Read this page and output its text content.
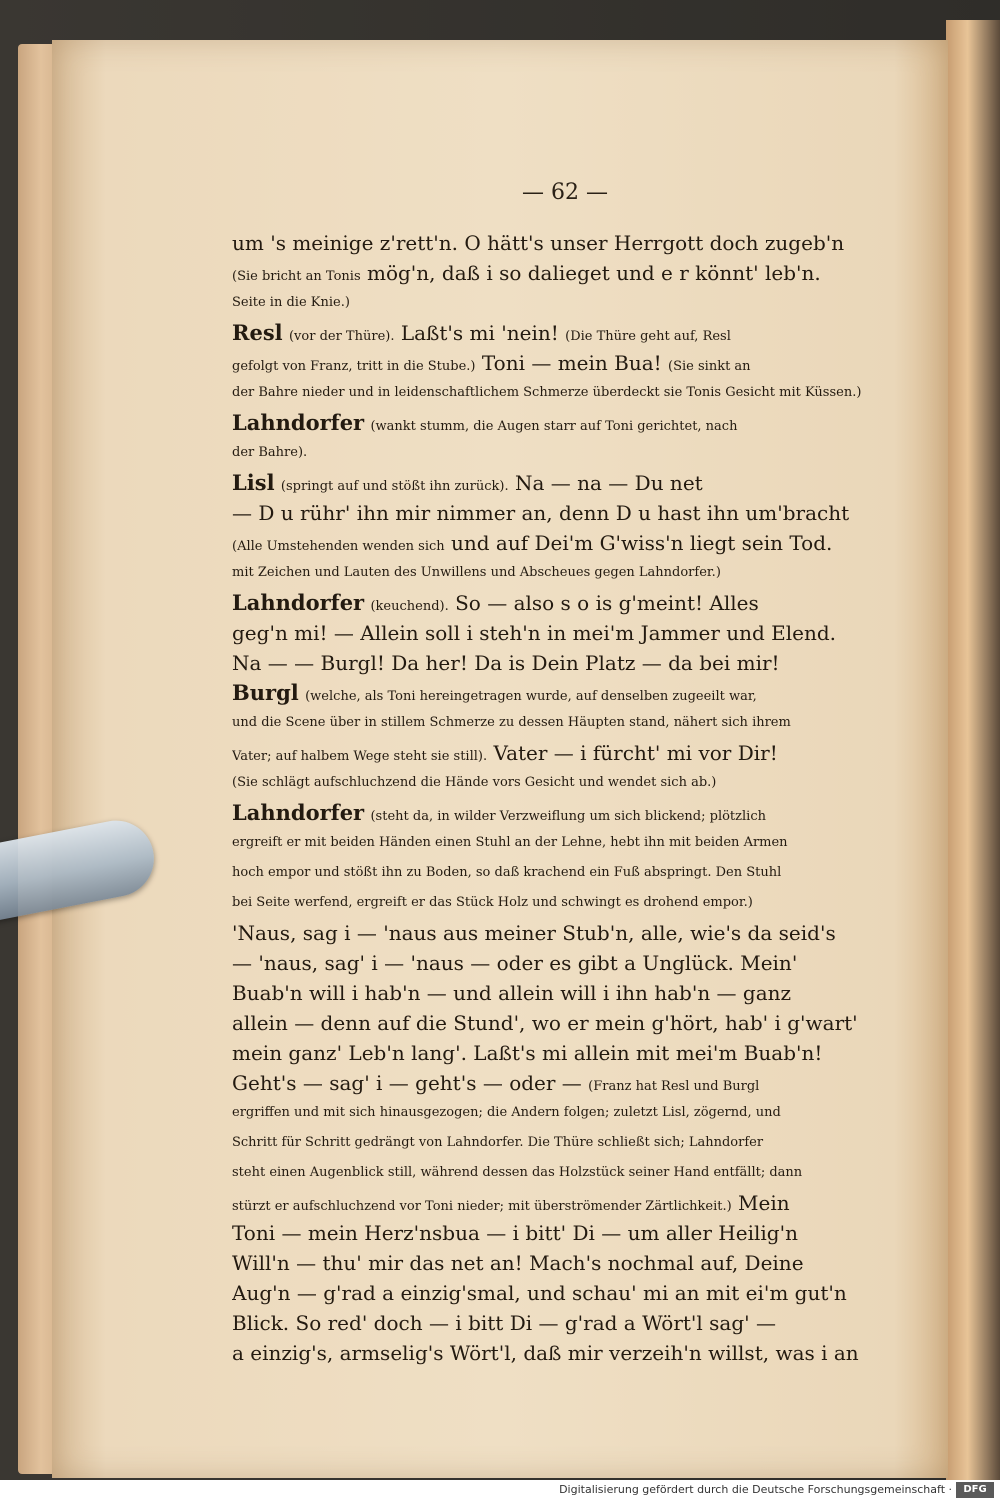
— 62 —
um 's meinige z'rett'n. O hätt's unser Herrgott doch zugeb'n
(Sie bricht an Tonis mög'n, daß i so dalieget und e r könnt' leb'n.
Seite in die Knie.)
Resl (vor der Thüre). Laßt's mi 'nein! (Die Thüre geht auf, Resl
gefolgt von Franz, tritt in die Stube.) Toni — mein Bua! (Sie sinkt an
der Bahre nieder und in leidenschaftlichem Schmerze überdeckt sie Tonis Gesicht mit Küssen.)
Lahndorfer (wankt stumm, die Augen starr auf Toni gerichtet, nach
der Bahre).
Lisl (springt auf und stößt ihn zurück). Na — na — Du net
— D u rühr' ihn mir nimmer an, denn D u hast ihn um'bracht
(Alle Umstehenden wenden sich und auf Dei'm G'wiss'n liegt sein Tod.
mit Zeichen und Lauten des Unwillens und Abscheues gegen Lahndorfer.)
Lahndorfer (keuchend). So — also s o is g'meint! Alles
geg'n mi! — Allein soll i steh'n in mei'm Jammer und Elend.
Na — — Burgl! Da her! Da is Dein Platz — da bei mir!
Burgl (welche, als Toni hereingetragen wurde, auf denselben zugeeilt war,
und die Scene über in stillem Schmerze zu dessen Häupten stand, nähert sich ihrem
Vater; auf halbem Wege steht sie still). Vater — i fürcht' mi vor Dir!
(Sie schlägt aufschluchzend die Hände vors Gesicht und wendet sich ab.)
Lahndorfer (steht da, in wilder Verzweiflung um sich blickend; plötzlich
ergreift er mit beiden Händen einen Stuhl an der Lehne, hebt ihn mit beiden Armen
hoch empor und stößt ihn zu Boden, so daß krachend ein Fuß abspringt. Den Stuhl
bei Seite werfend, ergreift er das Stück Holz und schwingt es drohend empor.)
'Naus, sag i — 'naus aus meiner Stub'n, alle, wie's da seid's
— 'naus, sag' i — 'naus — oder es gibt a Unglück. Mein'
Buab'n will i hab'n — und allein will i ihn hab'n — ganz
allein — denn auf die Stund', wo er mein g'hört, hab' i g'wart'
mein ganz' Leb'n lang'. Laßt's mi allein mit mei'm Buab'n!
Geht's — sag' i — geht's — oder — (Franz hat Resl und Burgl
ergriffen und mit sich hinausgezogen; die Andern folgen; zuletzt Lisl, zögernd, und
Schritt für Schritt gedrängt von Lahndorfer. Die Thüre schließt sich; Lahndorfer
steht einen Augenblick still, während dessen das Holzstück seiner Hand entfällt; dann
stürzt er aufschluchzend vor Toni nieder; mit überströmender Zärtlichkeit.) Mein
Toni — mein Herz'nsbua — i bitt' Di — um aller Heilig'n
Will'n — thu' mir das net an! Mach's nochmal auf, Deine
Aug'n — g'rad a einzig'smal, und schau' mi an mit ei'm gut'n
Blick. So red' doch — i bitt Di — g'rad a Wört'l sag' —
a einzig's, armselig's Wört'l, daß mir verzeih'n willst, was i an
Digitalisierung gefördert durch die Deutsche Forschungsgemeinschaft ·	DFG
